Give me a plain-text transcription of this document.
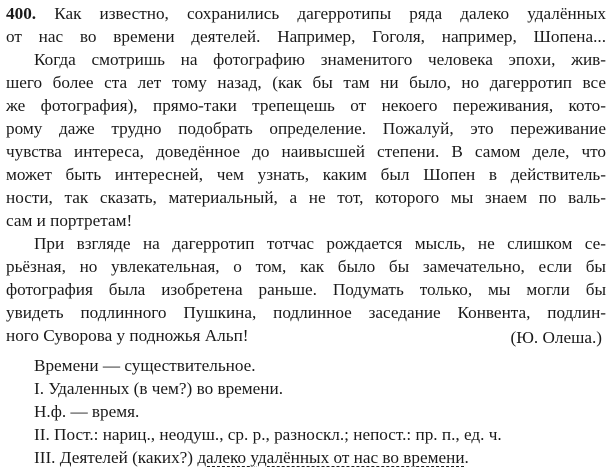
400. Как известно, сохранились дагерротипы ряда далеко удалённых
от нас во времени деятелей. Например, Гоголя, например, Шопена...
Когда смотришь на фотографию знаменитого человека эпохи, жив-
шего более ста лет тому назад, (как бы там ни было, но дагерротип все
же фотография), прямо-таки трепещешь от некоего переживания, кото-
рому даже трудно подобрать определение. Пожалуй, это переживание
чувства интереса, доведённое до наивысшей степени. В самом деле, что
может быть интересней, чем узнать, каким был Шопен в действитель-
ности, так сказать, материальный, а не тот, которого мы знаем по валь-
сам и портретам!
При взгляде на дагерротип тотчас рождается мысль, не слишком се-
рьёзная, но увлекательная, о том, как было бы замечательно, если бы
фотография была изобретена раньше. Подумать только, мы могли бы
увидеть подлинного Пушкина, подлинное заседание Конвента, подлин-
ного Суворова у подножья Альп!	(Ю. Олеша.)
Времени — существительное.
I. Удаленных (в чем?) во времени.
Н.ф. — время.
II. Пост.: нариц., неодуш., ср. р., разноскл.; непост.: пр. п., ед. ч.
III. Деятелей (каких?) далеко удалённых от нас во времени.
